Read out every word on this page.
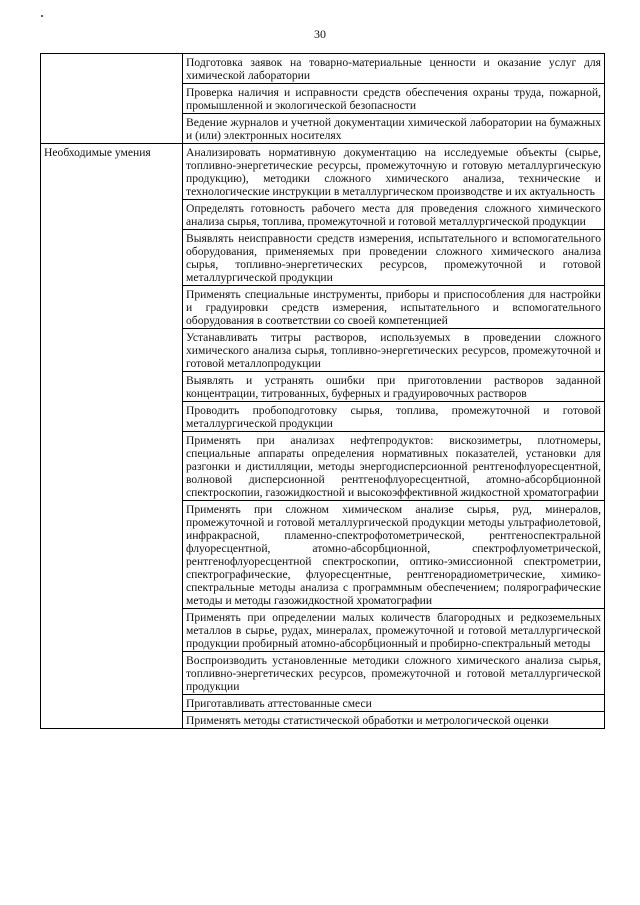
30
	Подготовка заявок на товарно-материальные ценности и оказание услуг для химической лаборатории
	Проверка наличия и исправности средств обеспечения охраны труда, пожарной, промышленной и экологической безопасности
	Ведение журналов и учетной документации химической лаборатории на бумажных и (или) электронных носителях
Необходимые умения	Анализировать нормативную документацию на исследуемые объекты (сырье, топливно-энергетические ресурсы, промежуточную и готовую металлургическую продукцию), методики сложного химического анализа, технические и технологические инструкции в металлургическом производстве и их актуальность
	Определять готовность рабочего места для проведения сложного химического анализа сырья, топлива, промежуточной и готовой металлургической продукции
	Выявлять неисправности средств измерения, испытательного и вспомогательного оборудования, применяемых при проведении сложного химического анализа сырья, топливно-энергетических ресурсов, промежуточной и готовой металлургической продукции
	Применять специальные инструменты, приборы и приспособления для настройки и градуировки средств измерения, испытательного и вспомогательного оборудования в соответствии со своей компетенцией
	Устанавливать титры растворов, используемых в проведении сложного химического анализа сырья, топливно-энергетических ресурсов, промежуточной и готовой металлопродукции
	Выявлять и устранять ошибки при приготовлении растворов заданной концентрации, титрованных, буферных и градуировочных растворов
	Проводить пробоподготовку сырья, топлива, промежуточной и готовой металлургической продукции
	Применять при анализах нефтепродуктов: вискозиметры, плотномеры, специальные аппараты определения нормативных показателей, установки для разгонки и дистилляции, методы энергодисперсионной рентгенофлуоресцентной, волновой дисперсионной рентгенофлуоресцентной, атомно-абсорбционной спектроскопии, газожидкостной и высокоэффективной жидкостной хроматографии
	Применять при сложном химическом анализе сырья, руд, минералов, промежуточной и готовой металлургической продукции методы ультрафиолетовой, инфракрасной, пламенно-спектрофотометрической, рентгеноспектральной флуоресцентной, атомно-абсорбционной, спектрофлуометрической, рентгенофлуоресцентной спектроскопии, оптико-эмиссионной спектрометрии, спектрографические, флуоресцентные, рентгенорадиометрические, химико-спектральные методы анализа с программным обеспечением; полярографические методы и методы газожидкостной хроматографии
	Применять при определении малых количеств благородных и редкоземельных металлов в сырье, рудах, минералах, промежуточной и готовой металлургической продукции пробирный атомно-абсорбционный и пробирно-спектральный методы
	Воспроизводить установленные методики сложного химического анализа сырья, топливно-энергетических ресурсов, промежуточной и готовой металлургической продукции
	Приготавливать аттестованные смеси
	Применять методы статистической обработки и метрологической оценки
